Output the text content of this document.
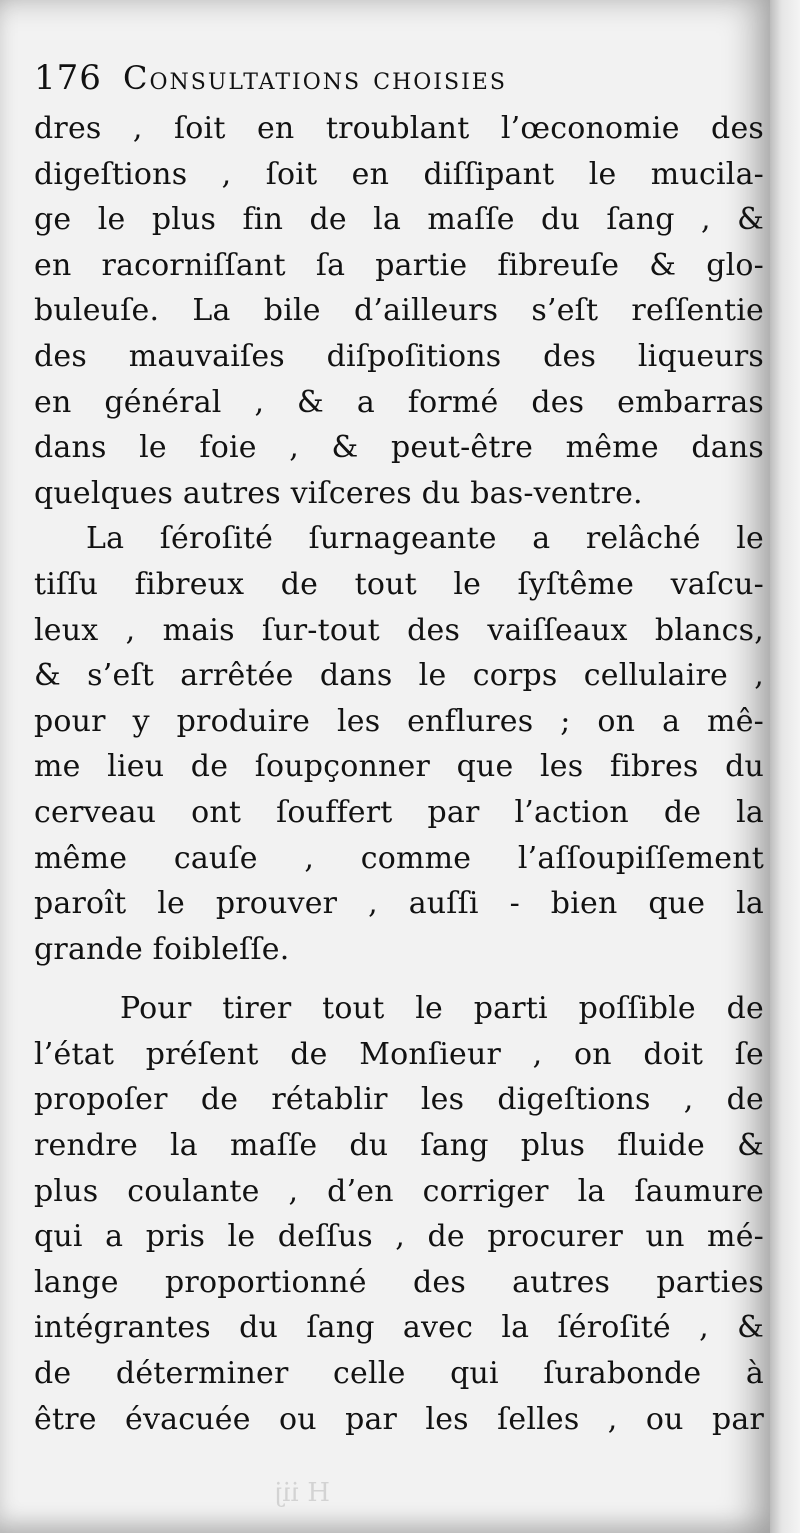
176 Consultations choisies
dres , ſoit en troublant l’œconomie des
digeſtions , ſoit en diſſipant le mucila-
ge le plus fin de la maſſe du ſang , &
en racorniſſant ſa partie fibreuſe & glo-
buleuſe. La bile d’ailleurs s’eſt reſſentie
des mauvaiſes diſpoſitions des liqueurs
en général , & a formé des embarras
dans le foie , & peut-être même dans
quelques autres viſceres du bas-ventre.
La ſéroſité ſurnageante a relâché le
tiſſu fibreux de tout le ſyſtême vaſcu-
leux , mais ſur-tout des vaiſſeaux blancs,
& s’eſt arrêtée dans le corps cellulaire ,
pour y produire les enflures ; on a mê-
me lieu de ſoupçonner que les fibres du
cerveau ont ſouffert par l’action de la
même cauſe , comme l’aſſoupiſſement
paroît le prouver , auſſi - bien que la
grande foibleſſe.
Pour tirer tout le parti poſſible de
l’état préſent de Monſieur , on doit ſe
propoſer de rétablir les digeſtions , de
rendre la maſſe du ſang plus fluide &
plus coulante , d’en corriger la ſaumure
qui a pris le deſſus , de procurer un mé-
lange proportionné des autres parties
intégrantes du ſang avec la ſéroſité , &
de déterminer celle qui ſurabonde à
être évacuée ou par les ſelles , ou par
H iij
